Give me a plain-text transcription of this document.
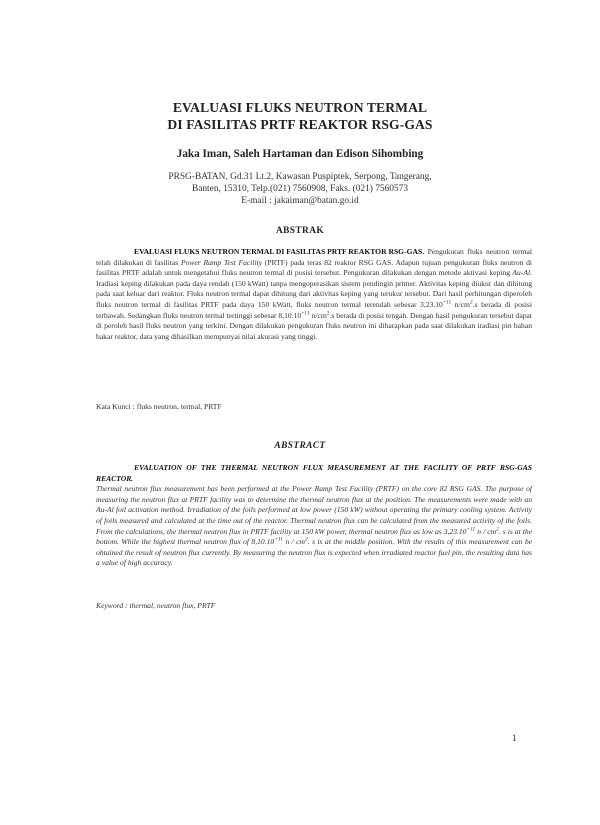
EVALUASI FLUKS NEUTRON TERMAL
DI FASILITAS PRTF REAKTOR RSG-GAS
Jaka Iman, Saleh Hartaman dan Edison Sihombing
PRSG-BATAN, Gd.31 Lt.2, Kawasan Puspiptek, Serpong, Tangerang,
Banten, 15310, Telp.(021) 7560908, Faks. (021) 7560573
E-mail : jakaiman@batan.go.id
ABSTRAK
EVALUASI FLUKS NEUTRON TERMAL DI FASILITAS PRTF REAKTOR RSG-GAS. Pengukuran fluks neutron termal telah dilakukan di fasilitas Power Ramp Test Facility (PRTF) pada teras 82 reaktor RSG GAS. Adapun tujuan pengukuran fluks neutron di fasilitas PRTF adalah untuk mengetahui fluks neutron termal di posisi tersebut. Pengukuran dilakukan dengan metode aktivasi keping Au-Al. Iradiasi keping dilakukan pada daya rendah (150 kWatt) tanpa mengoperasikan sistem pendingin primer. Aktivitas keping diukur dan dihitung pada saat keluar dari reaktor. Fluks neutron termal dapat dihitung dari aktivitas keping yang terukur tersebut. Dari hasil perhitungan diperoleh fluks neutron termal di fasilitas PRTF pada daya 150 kWatt, fluks neutron termal terendah sebesar $3,23.10^{+11}$ $n/cm^2.s$ berada di posisi terbawah. Sedangkan fluks neutron termal tertinggi sebesar $8,10.10^{+11}$ $n/cm^2.s$ berada di posisi tengah. Dengan hasil pengukuran tersebut dapat di peroleh hasil fluks neutron yang terkini. Dengan dilakukan pengukuran fluks neutron ini diharapkan pada saat dilakukan iradiasi pin bahan bakar reaktor, data yang dihasilkan mempunyai nilai akurasi yang tinggi.
Kata Kunci : fluks neutron, termal, PRTF
ABSTRACT
EVALUATION OF THE THERMAL NEUTRON FLUX MEASUREMENT AT THE FACILITY OF PRTF RSG-GAS REACTOR. Thermal neutron flux measurement has been performed at the Power Ramp Test Facility (PRTF) on the core 82 RSG GAS. The purpose of measuring the neutron flux at PRTF facility was to determine the thermal neutron flux at the position. The measurements were made with an Au-Al foil activation method. Irradiation of the foils performed at low power (150 kW) without operating the primary cooling system. Activity of foils measured and calculated at the time out of the reactor. Thermal neutron flux can be calculated from the measured activity of the foils. From the calculations, the thermal neutron flux in PRTF facility at 150 kW power, thermal neutron flux as low as $3,23.10^{+11}$ n / $cm^2$. s is at the bottom. While the highest thermal neutron flux of $8,10.10^{+11}$ n / $cm^2$. s is at the middle position. With the results of this measurement can be obtained the result of neutron flux currently. By measuring the neutron flux is expected when irradiated reactor fuel pin, the resulting data has a value of high accuracy.
Keyword : thermal, neutron flux, PRTF
1
